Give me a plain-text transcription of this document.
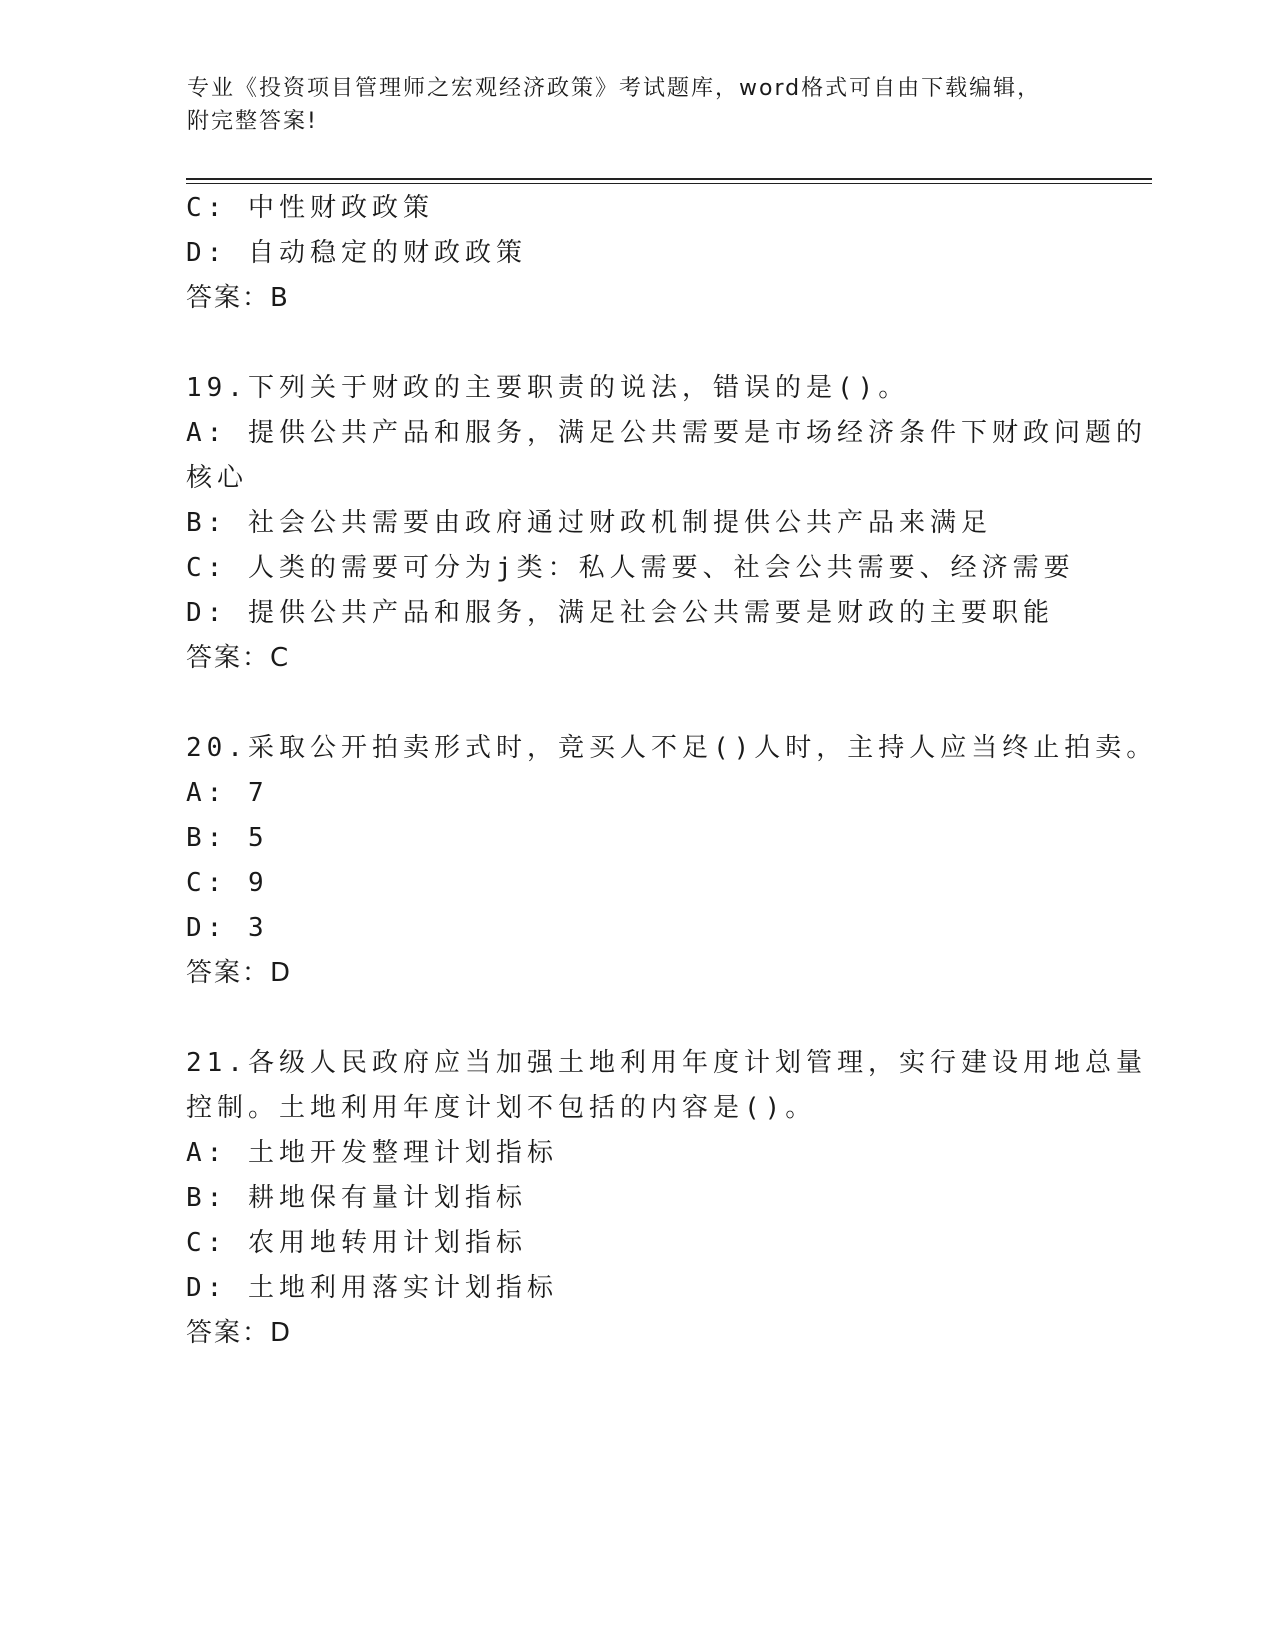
专业《投资项目管理师之宏观经济政策》考试题库，word格式可自由下载编辑，
附完整答案!
C: 中性财政政策
D: 自动稳定的财政政策
答案：B
19.下列关于财政的主要职责的说法，错误的是()。
A: 提供公共产品和服务，满足公共需要是市场经济条件下财政问题的
核心
B: 社会公共需要由政府通过财政机制提供公共产品来满足
C: 人类的需要可分为j类：私人需要、社会公共需要、经济需要
D: 提供公共产品和服务，满足社会公共需要是财政的主要职能
答案：C
20.采取公开拍卖形式时，竞买人不足()人时，主持人应当终止拍卖。
A: 7
B: 5
C: 9
D: 3
答案：D
21.各级人民政府应当加强土地利用年度计划管理，实行建设用地总量
控制。土地利用年度计划不包括的内容是()。
A: 土地开发整理计划指标
B: 耕地保有量计划指标
C: 农用地转用计划指标
D: 土地利用落实计划指标
答案：D
